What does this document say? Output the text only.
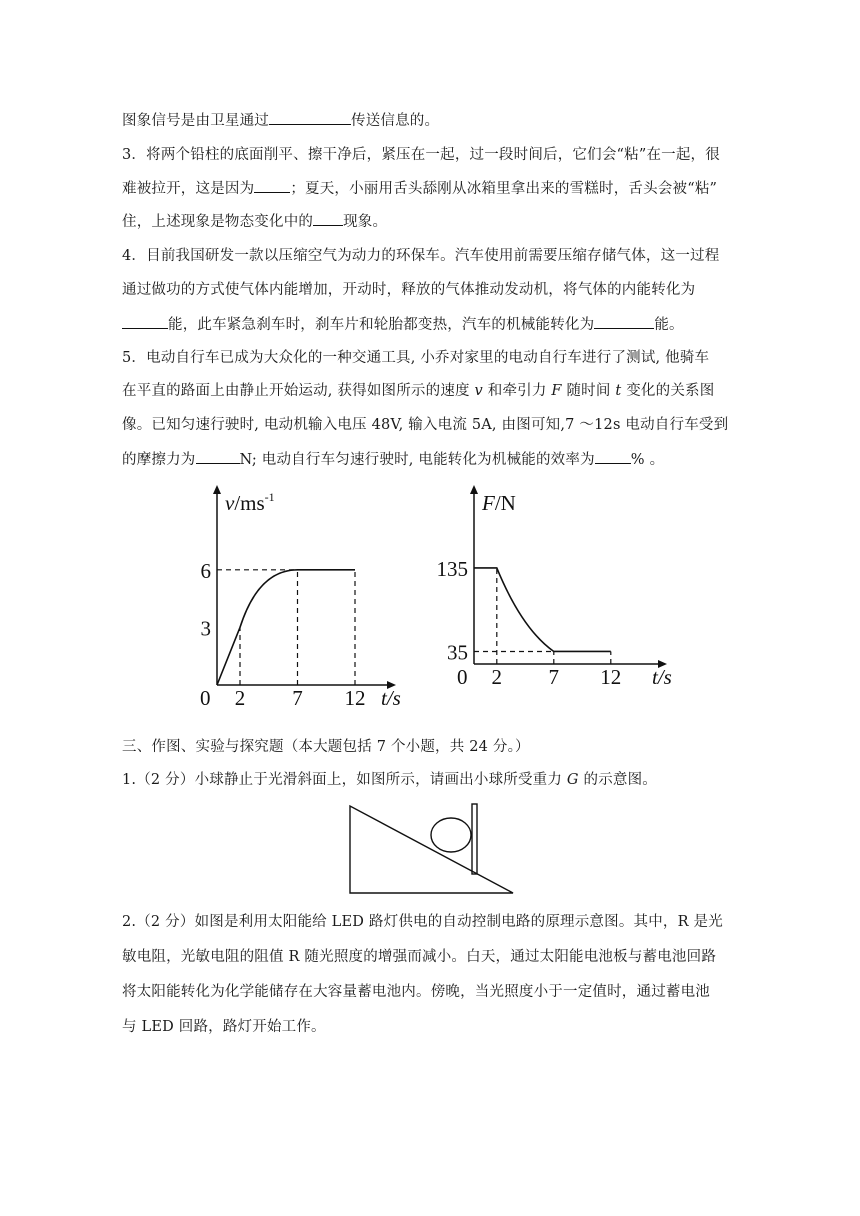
图象信号是由卫星通过	传送信息的。
3．将两个铅柱的底面削平、擦干净后，紧压在一起，过一段时间后，它们会“粘”在一起，很
难被拉开，这是因为 ；夏天，小丽用舌头舔刚从冰箱里拿出来的雪糕时，舌头会被“粘”
住，上述现象是物态变化中的 现象。
4．目前我国研发一款以压缩空气为动力的环保车。汽车使用前需要压缩存储气体，这一过程
通过做功的方式使气体内能增加，开动时，释放的气体推动发动机，将气体的内能转化为
能，此车紧急刹车时，刹车片和轮胎都变热，汽车的机械能转化为	能。
5．电动自行车已成为大众化的一种交通工具, 小乔对家里的电动自行车进行了测试, 他骑车
在平直的路面上由静止开始运动, 获得如图所示的速度 v 和牵引力 F 随时间 t 变化的关系图
像。已知匀速行驶时, 电动机输入电压 48V, 输入电流 5A, 由图可知,7 ～12s 电动自行车受到
的摩擦力为	N; 电动自行车匀速行驶时, 电能转化为机械能的效率为 % 。
0 2 7 12
3
6
t/s
$v/ms^{-1}$
0 2 7 12
35
135
t/s
F/N
三、作图、实验与探究题（本大题包括 7 个小题，共 24 分。）
1.（2 分）小球静止于光滑斜面上，如图所示，请画出小球所受重力 G 的示意图。
2.（2 分）如图是利用太阳能给 LED 路灯供电的自动控制电路的原理示意图。其中，R 是光
敏电阻，光敏电阻的阻值 R 随光照度的增强而减小。白天，通过太阳能电池板与蓄电池回路
将太阳能转化为化学能储存在大容量蓄电池内。傍晚，当光照度小于一定值时，通过蓄电池
与 LED 回路，路灯开始工作。
